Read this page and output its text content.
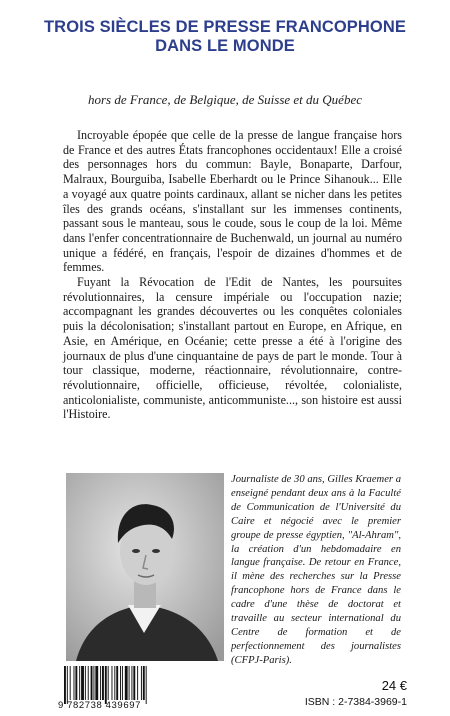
TROIS SIÈCLES DE PRESSE FRANCOPHONE
DANS LE MONDE
hors de France, de Belgique, de Suisse et du Québec

Incroyable épopée que celle de la presse de langue française hors de France et des autres États francophones occidentaux! Elle a croisé des personnages hors du commun: Bayle, Bonaparte, Darfour, Malraux, Bourguiba, Isabelle Eberhardt ou le Prince Sihanouk... Elle a voyagé aux quatre points cardinaux, allant se nicher dans les petites îles des grands océans, s'installant sur les immenses continents, passant sous le manteau, sous le coude, sous le coup de la loi. Même dans l'enfer concentrationnaire de Buchenwald, un journal au numéro unique a fédéré, en français, l'espoir de dizaines d'hommes et de femmes.

Fuyant la Révocation de l'Edit de Nantes, les poursuites révolutionnaires, la censure impériale ou l'occupation nazie; accompagnant les grandes découvertes ou les conquêtes coloniales puis la décolonisation; s'installant partout en Europe, en Afrique, en Asie, en Amérique, en Océanie; cette presse a été à l'origine des journaux de plus d'une cinquantaine de pays de part le monde. Tour à tour classique, moderne, réactionnaire, révolutionnaire, contre-révolutionnaire, officielle, officieuse, révoltée, colonialiste, anticolonialiste, communiste, anticommuniste..., son histoire est aussi l'Histoire.

Journaliste de 30 ans, Gilles Kraemer a enseigné pendant deux ans à la Faculté de Communication de l'Université du Caire et négocié avec le premier groupe de presse égyptien, "Al-Ahram", la création d'un hebdomadaire en langue française. De retour en France, il mène des recherches sur la Presse francophone hors de France dans le cadre d'une thèse de doctorat et travaille au secteur international du Centre de formation et de perfectionnement des journalistes (CFPJ-Paris).
9 782738 439697
24 €
ISBN : 2-7384-3969-1
